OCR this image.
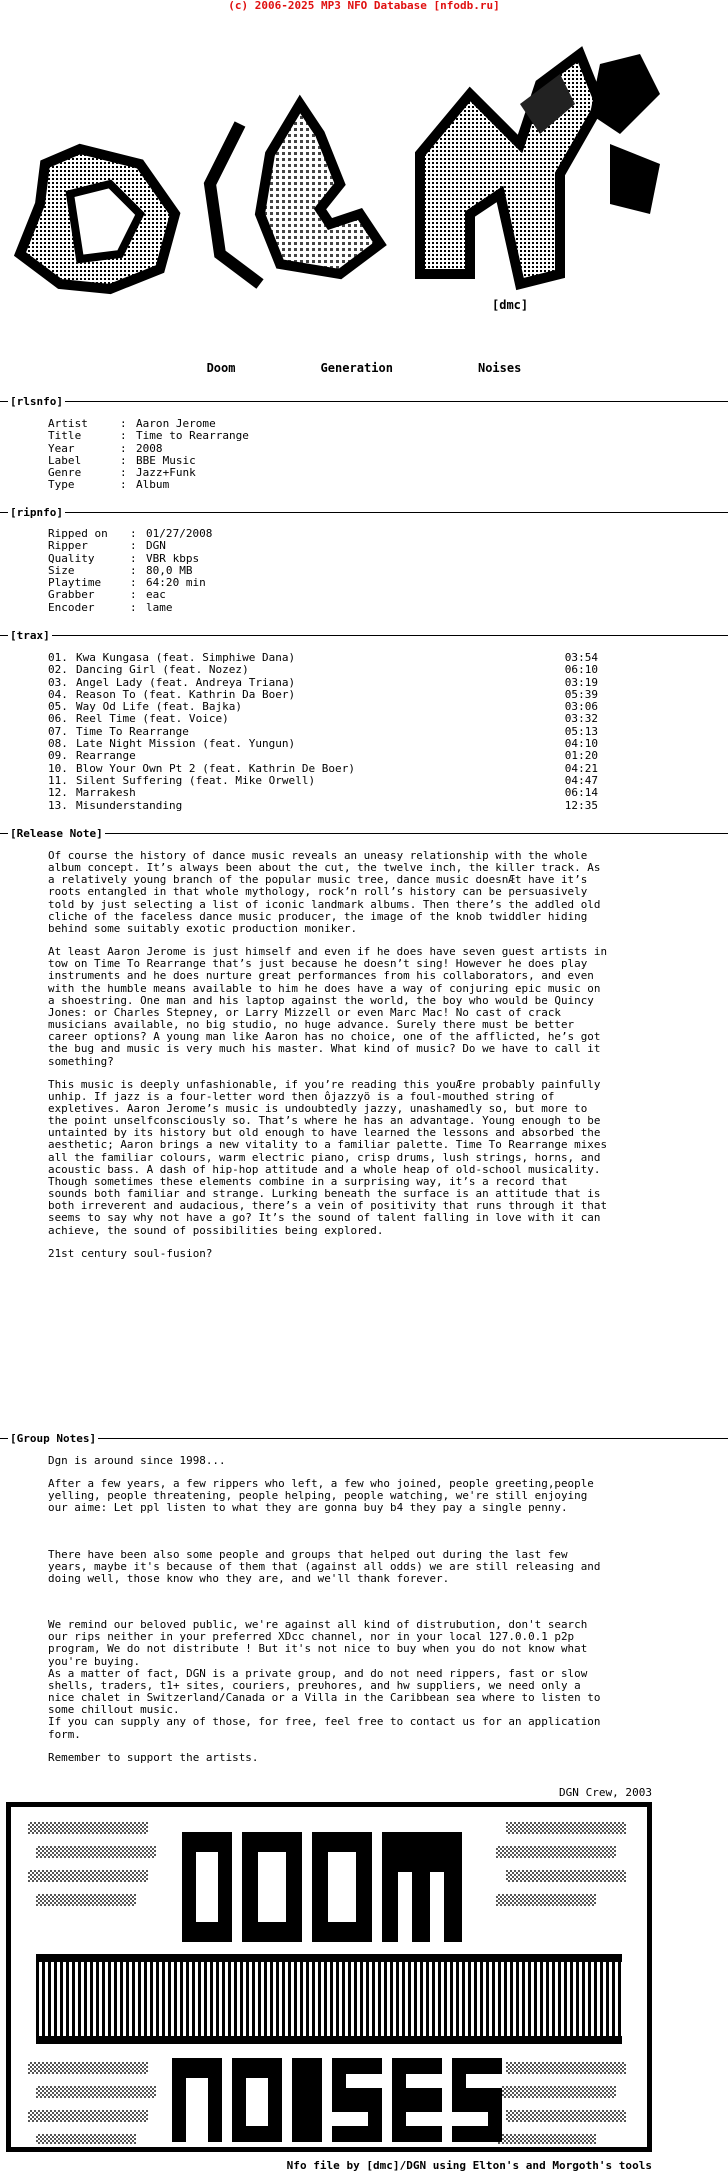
(c) 2006-2025 MP3 NFO Database [nfodb.ru]
[dmc]
Doom    Generation    Noises
[rlsnfo]
Artist	: Aaron Jerome
Title	: Time to Rearrange
Year	: 2008
Label	: BBE Music
Genre	: Jazz+Funk
Type	: Album
[ripnfo]
Ripped on	: 01/27/2008
Ripper	: DGN
Quality	: VBR kbps
Size	: 80,0 MB
Playtime	: 64:20 min
Grabber	: eac
Encoder	: lame
[trax]
01. Kwa Kungasa (feat. Simphiwe Dana)	03:54
02. Dancing Girl (feat. Nozez)	06:10
03. Angel Lady (feat. Andreya Triana)	03:19
04. Reason To (feat. Kathrin Da Boer)	05:39
05. Way Od Life (feat. Bajka)	03:06
06. Reel Time (feat. Voice)	03:32
07. Time To Rearrange	05:13
08. Late Night Mission (feat. Yungun)	04:10
09. Rearrange	01:20
10. Blow Your Own Pt 2 (feat. Kathrin De Boer)	04:21
11. Silent Suffering (feat. Mike Orwell)	04:47
12. Marrakesh	06:14
13. Misunderstanding	12:35
[Release Note]
Of course the history of dance music reveals an uneasy relationship with the whole album concept. It’s always been about the cut, the twelve inch, the killer track. As a relatively young branch of the popular music tree, dance music doesnÆt have it’s roots entangled in that whole mythology, rock’n roll’s history can be persuasively told by just selecting a list of iconic landmark albums. Then there’s the addled old cliche of the faceless dance music producer, the image of the knob twiddler hiding behind some suitably exotic production moniker.
At least Aaron Jerome is just himself and even if he does have seven guest artists in tow on Time To Rearrange that’s just because he doesn’t sing! However he does play instruments and he does nurture great performances from his collaborators, and even with the humble means available to him he does have a way of conjuring epic music on a shoestring. One man and his laptop against the world, the boy who would be Quincy Jones: or Charles Stepney, or Larry Mizzell or even Marc Mac! No cast of crack musicians available, no big studio, no huge advance. Surely there must be better career options? A young man like Aaron has no choice, one of the afflicted, he’s got the bug and music is very much his master. What kind of music? Do we have to call it something?
This music is deeply unfashionable, if you’re reading this youÆre probably painfully unhip. If jazz is a four-letter word then ôjazzyö is a foul-mouthed string of expletives. Aaron Jerome’s music is undoubtedly jazzy, unashamedly so, but more to the point unselfconsciously so. That’s where he has an advantage. Young enough to be untainted by its history but old enough to have learned the lessons and absorbed the aesthetic; Aaron brings a new vitality to a familiar palette. Time To Rearrange mixes all the familiar colours, warm electric piano, crisp drums, lush strings, horns, and acoustic bass. A dash of hip-hop attitude and a whole heap of old-school musicality. Though sometimes these elements combine in a surprising way, it’s a record that
sounds both familiar and strange. Lurking beneath the surface is an attitude that is both irreverent and audacious, there’s a vein of positivity that runs through it that seems to say why not have a go? It’s the sound of talent falling in love with it can achieve, the sound of possibilities being explored.
21st century soul-fusion?
[Group Notes]
Dgn is around since 1998...
After a few years, a few rippers who left, a few who joined, people greeting,people yelling, people threatening, people helping, people watching, we're still enjoying our aime: Let ppl listen to what they are gonna buy b4 they pay a single penny.
There have been also some people and groups that helped out during the last few years, maybe it's because of them that (against all odds) we are still releasing and doing well, those know who they are, and we'll thank forever.
We remind our beloved public, we're against all kind of distrubution, don't search our rips neither in your preferred XDcc channel, nor in your local 127.0.0.1 p2p program, We do not distribute ! But it's not nice to buy when you do not know what you're buying.
As a matter of fact, DGN is a private group, and do not need rippers, fast or slow shells, traders, t1+ sites, couriers, preυhores, and hw suppliers, we need only a nice chalet in Switzerland/Canada or a Villa in the Caribbean sea where to listen to some chillout music.
If you can supply any of those, for free, feel free to contact us for an application form.
Remember to support the artists.
DGN Crew, 2003
Nfo file by [dmc]/DGN using Elton's and Morgoth's tools
